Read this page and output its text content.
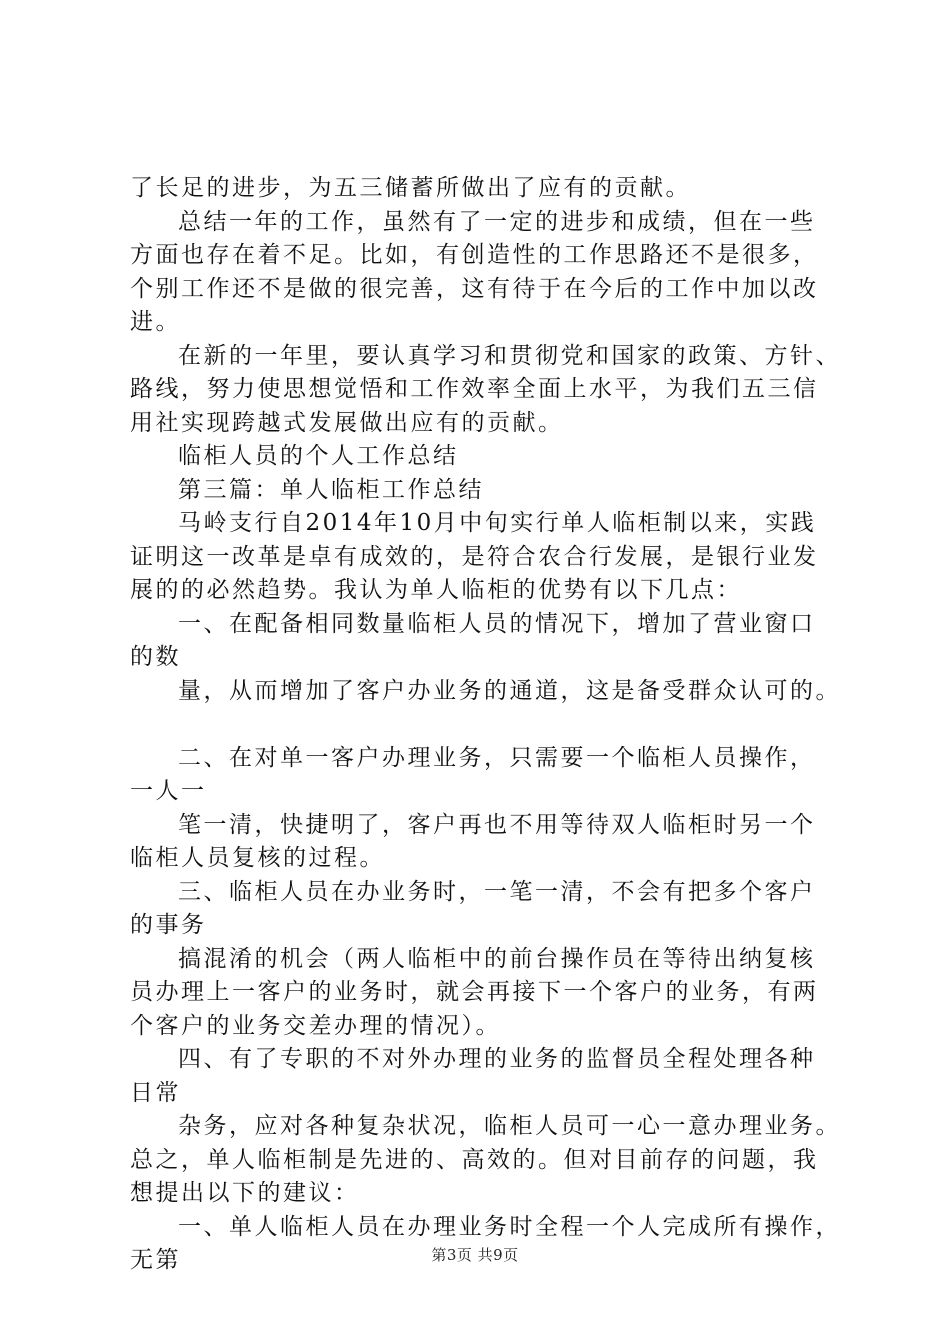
了长足的进步，为五三储蓄所做出了应有的贡献。
总结一年的工作，虽然有了一定的进步和成绩，但在一些
方面也存在着不足。比如，有创造性的工作思路还不是很多，
个别工作还不是做的很完善，这有待于在今后的工作中加以改
进。
在新的一年里，要认真学习和贯彻党和国家的政策、方针、
路线，努力使思想觉悟和工作效率全面上水平，为我们五三信
用社实现跨越式发展做出应有的贡献。
临柜人员的个人工作总结
第三篇：单人临柜工作总结
马岭支行自2014年10月中旬实行单人临柜制以来，实践
证明这一改革是卓有成效的，是符合农合行发展，是银行业发
展的的必然趋势。我认为单人临柜的优势有以下几点：
一、在配备相同数量临柜人员的情况下，增加了营业窗口
的数
量，从而增加了客户办业务的通道，这是备受群众认可的。
二、在对单一客户办理业务，只需要一个临柜人员操作，
一人一
笔一清，快捷明了，客户再也不用等待双人临柜时另一个
临柜人员复核的过程。
三、临柜人员在办业务时，一笔一清，不会有把多个客户
的事务
搞混淆的机会（两人临柜中的前台操作员在等待出纳复核
员办理上一客户的业务时，就会再接下一个客户的业务，有两
个客户的业务交差办理的情况）。
四、有了专职的不对外办理的业务的监督员全程处理各种
日常
杂务，应对各种复杂状况，临柜人员可一心一意办理业务。
总之，单人临柜制是先进的、高效的。但对目前存的问题，我
想提出以下的建议：
一、单人临柜人员在办理业务时全程一个人完成所有操作，
无第	第3页 共9页
